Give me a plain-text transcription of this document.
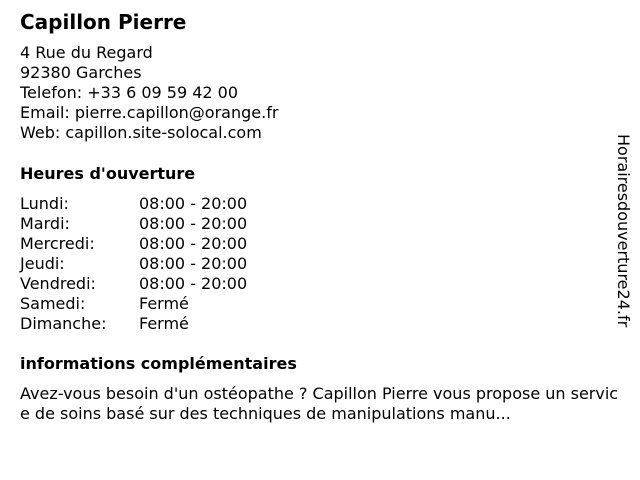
Capillon Pierre
4 Rue du Regard
92380 Garches
Telefon: +33 6 09 59 42 00
Email: pierre.capillon@orange.fr
Web: capillon.site-solocal.com
Heures d'ouverture
Lundi:	08:00 - 20:00
Mardi:	08:00 - 20:00
Mercredi:	08:00 - 20:00
Jeudi:	08:00 - 20:00
Vendredi:	08:00 - 20:00
Samedi:	Fermé
Dimanche: Fermé
informations complémentaires

Avez-vous besoin d'un ostéopathe ? Capillon Pierre vous propose un service de soins basé sur des techniques de manipulations manu...

Horairesdouverture24.fr
